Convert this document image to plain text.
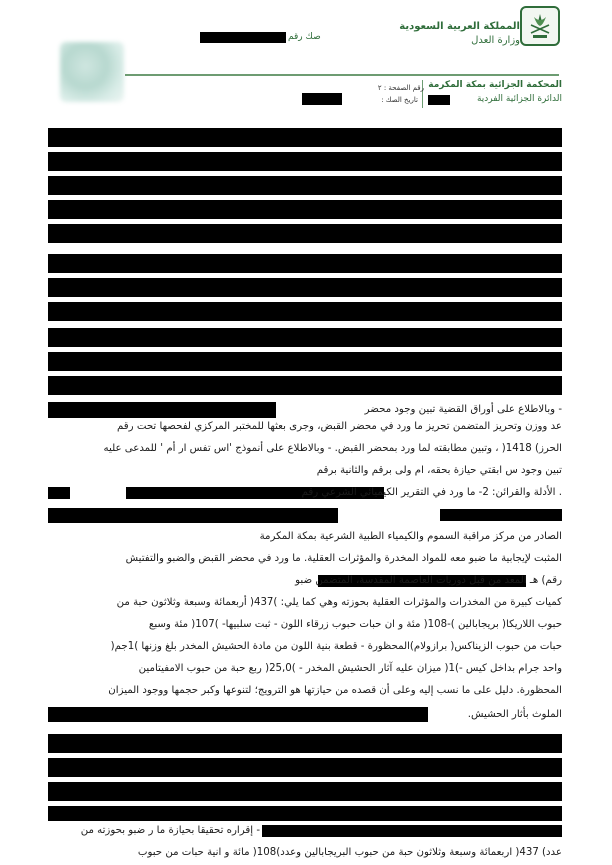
المملكة العربية السعودية
وزارة العدل
صك رقم
المحكمة الجزائية بمكة المكرمة
الدائرة الجزائية الفردية
رقم الصفحة : ٢
تاريخ الصك :
- وبالاطلاع على أوراق القضية تبين وجود محضر
عد ووزن وتحريز المتضمن تحريز ما ورد في محضر القبض، وجرى بعثها للمختبر المركزي لفحصها تحت رقم
الحرز) 1418( ، وتبين مطابقته لما ورد بمحضر القبض. - وبالاطلاع على أنموذج 'اس تفس ار أم ' للمدعى عليه
تبين وجود س ابقتي حيازة بحقه، ام ولى برقم والثانية برقم
. الأدلة والقرائن: 2- ما ورد في التقرير الكيميائي الشرعي رقم
الصادر من مركز مراقبة السموم والكيمياء الطبية الشرعية بمكة المكرمة
المثبت لإيجابية ما ضبو معه للمواد المخدرة والمؤثرات العقلية. ما ورد في محضر القبض والضبو والتفتيش
رقم) هـ المعد من قبل دوريات العاصمة المقدسة، المتضمن ضبو
كميات كبيرة من المخدرات والمؤثرات العقلية بحوزته وهي كما يلي: )437( أربعمائة وسبعة وثلاثون حبة من
حبوب اللاريكا( بريجابالين )-108( مئة و ان حبات حبوب زرقاء اللون - ثبت سلبيها- )107( مئة وسبع
حبات من حبوب الزيناكس( برازولام)المحظورة - قطعة بنية اللون من مادة الحشيش المخدر بلغ وزنها )1جم(
واحد جرام بداخل كيس -)1( ميزان عليه آثار الحشيش المخدر - )25,0( ربع حبة من حبوب الامفيتامين
المحظورة. دليل على ما نسب إليه وعلى أن قصده من حيازتها هو الترويج؛ لتنوعها وكبر حجمها ووجود الميزان
الملوث بأثار الحشيش.
- إقراره تحقيقا بحيازة ما ر ضبو بحوزته من
عدد) 437( اربعمائة وسبعة وثلاثون حبة من حبوب البريجابالين وعدد)108( مائة و انية حبات من حبوب
